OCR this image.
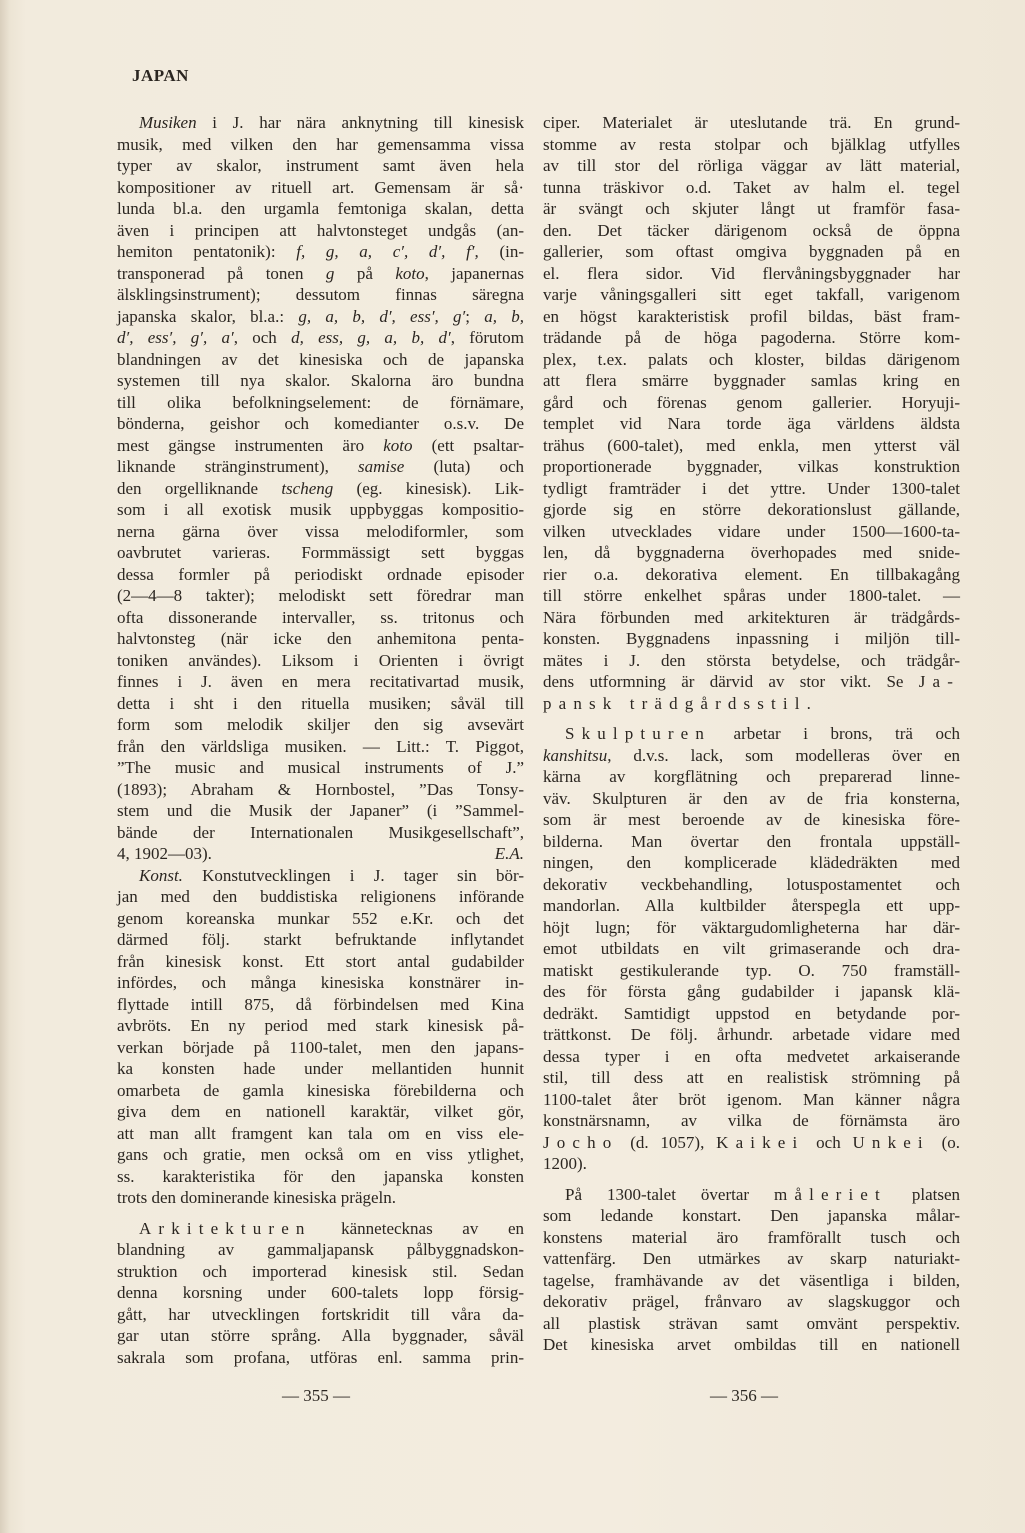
JAPAN
Musiken i J. har nära anknytning till kinesisk
musik, med vilken den har gemensamma vissa
typer av skalor, instrument samt även hela
kompositioner av rituell art. Gemensam är så·
lunda bl.a. den urgamla femtoniga skalan, detta
även i principen att halvtonsteget undgås (an-
hemiton pentatonik): f, g, a, c′, d′, f′, (in-
transponerad på tonen g på koto, japanernas
älsklingsinstrument); dessutom finnas säregna
japanska skalor, bl.a.: g, a, b, d′, ess′, g′; a, b,
d′, ess′, g′, a′, och d, ess, g, a, b, d′, förutom
blandningen av det kinesiska och de japanska
systemen till nya skalor. Skalorna äro bundna
till olika befolkningselement: de förnämare,
bönderna, geishor och komedianter o.s.v. De
mest gängse instrumenten äro koto (ett psaltar-
liknande stränginstrument), samise (luta) och
den orgelliknande tscheng (eg. kinesisk). Lik-
som i all exotisk musik uppbyggas kompositio-
nerna gärna över vissa melodiformler, som
oavbrutet varieras. Formmässigt sett byggas
dessa formler på periodiskt ordnade episoder
(2—4—8 takter); melodiskt sett föredrar man
ofta dissonerande intervaller, ss. tritonus och
halvtonsteg (när icke den anhemitona penta-
toniken användes). Liksom i Orienten i övrigt
finnes i J. även en mera recitativartad musik,
detta i sht i den rituella musiken; såväl till
form som melodik skiljer den sig avsevärt
från den världsliga musiken. — Litt.: T. Piggot,
”The music and musical instruments of J.”
(1893); Abraham & Hornbostel, ”Das Tonsy-
stem und die Musik der Japaner” (i ”Sammel-
bände der Internationalen Musikgesellschaft”,
4, 1902—03).	E.A.
Konst. Konstutvecklingen i J. tager sin bör-
jan med den buddistiska religionens införande
genom koreanska munkar 552 e.Kr. och det
därmed följ. starkt befruktande inflytandet
från kinesisk konst. Ett stort antal gudabilder
infördes, och många kinesiska konstnärer in-
flyttade intill 875, då förbindelsen med Kina
avbröts. En ny period med stark kinesisk på-
verkan började på 1100-talet, men den japans-
ka konsten hade under mellantiden hunnit
omarbeta de gamla kinesiska förebilderna och
giva dem en nationell karaktär, vilket gör,
att man allt framgent kan tala om en viss ele-
gans och gratie, men också om en viss ytlighet,
ss. karakteristika för den japanska konsten
trots den dominerande kinesiska prägeln.
Arkitekturen kännetecknas av en
blandning av gammaljapansk pålbyggnadskon-
struktion och importerad kinesisk stil. Sedan
denna korsning under 600-talets lopp försig-
gått, har utvecklingen fortskridit till våra da-
gar utan större språng. Alla byggnader, såväl
sakrala som profana, utföras enl. samma prin-
ciper. Materialet är uteslutande trä. En grund-
stomme av resta stolpar och bjälklag utfylles
av till stor del rörliga väggar av lätt material,
tunna träskivor o.d. Taket av halm el. tegel
är svängt och skjuter långt ut framför fasa-
den. Det täcker därigenom också de öppna
gallerier, som oftast omgiva byggnaden på en
el. flera sidor. Vid flervåningsbyggnader har
varje våningsgalleri sitt eget takfall, varigenom
en högst karakteristisk profil bildas, bäst fram-
trädande på de höga pagoderna. Större kom-
plex, t.ex. palats och kloster, bildas därigenom
att flera smärre byggnader samlas kring en
gård och förenas genom gallerier. Horyuji-
templet vid Nara torde äga världens äldsta
trähus (600-talet), med enkla, men ytterst väl
proportionerade byggnader, vilkas konstruktion
tydligt framträder i det yttre. Under 1300-talet
gjorde sig en större dekorationslust gällande,
vilken utvecklades vidare under 1500—1600-ta-
len, då byggnaderna överhopades med snide-
rier o.a. dekorativa element. En tillbakagång
till större enkelhet spåras under 1800-talet. —
Nära förbunden med arkitekturen är trädgårds-
konsten. Byggnadens inpassning i miljön till-
mätes i J. den största betydelse, och trädgår-
dens utformning är därvid av stor vikt. Se Ja-
pansk trädgårdsstil.
Skulpturen arbetar i brons, trä och
kanshitsu, d.v.s. lack, som modelleras över en
kärna av korgflätning och preparerad linne-
väv. Skulpturen är den av de fria konsterna,
som är mest beroende av de kinesiska före-
bilderna. Man övertar den frontala uppställ-
ningen, den komplicerade klädedräkten med
dekorativ veckbehandling, lotuspostamentet och
mandorlan. Alla kultbilder återspegla ett upp-
höjt lugn; för väktargudomligheterna har där-
emot utbildats en vilt grimaserande och dra-
matiskt gestikulerande typ. O. 750 framställ-
des för första gång gudabilder i japansk klä-
dedräkt. Samtidigt uppstod en betydande por-
trättkonst. De följ. århundr. arbetade vidare med
dessa typer i en ofta medvetet arkaiserande
stil, till dess att en realistisk strömning på
1100-talet åter bröt igenom. Man känner några
konstnärsnamn, av vilka de förnämsta äro
Jocho (d. 1057), Kaikei och Unkei (o.
1200).
På 1300-talet övertar måleriet platsen
som ledande konstart. Den japanska målar-
konstens material äro framförallt tusch och
vattenfärg. Den utmärkes av skarp naturiakt-
tagelse, framhävande av det väsentliga i bilden,
dekorativ prägel, frånvaro av slagskuggor och
all plastisk strävan samt omvänt perspektiv.
Det kinesiska arvet ombildas till en nationell
— 355 —	— 356 —
